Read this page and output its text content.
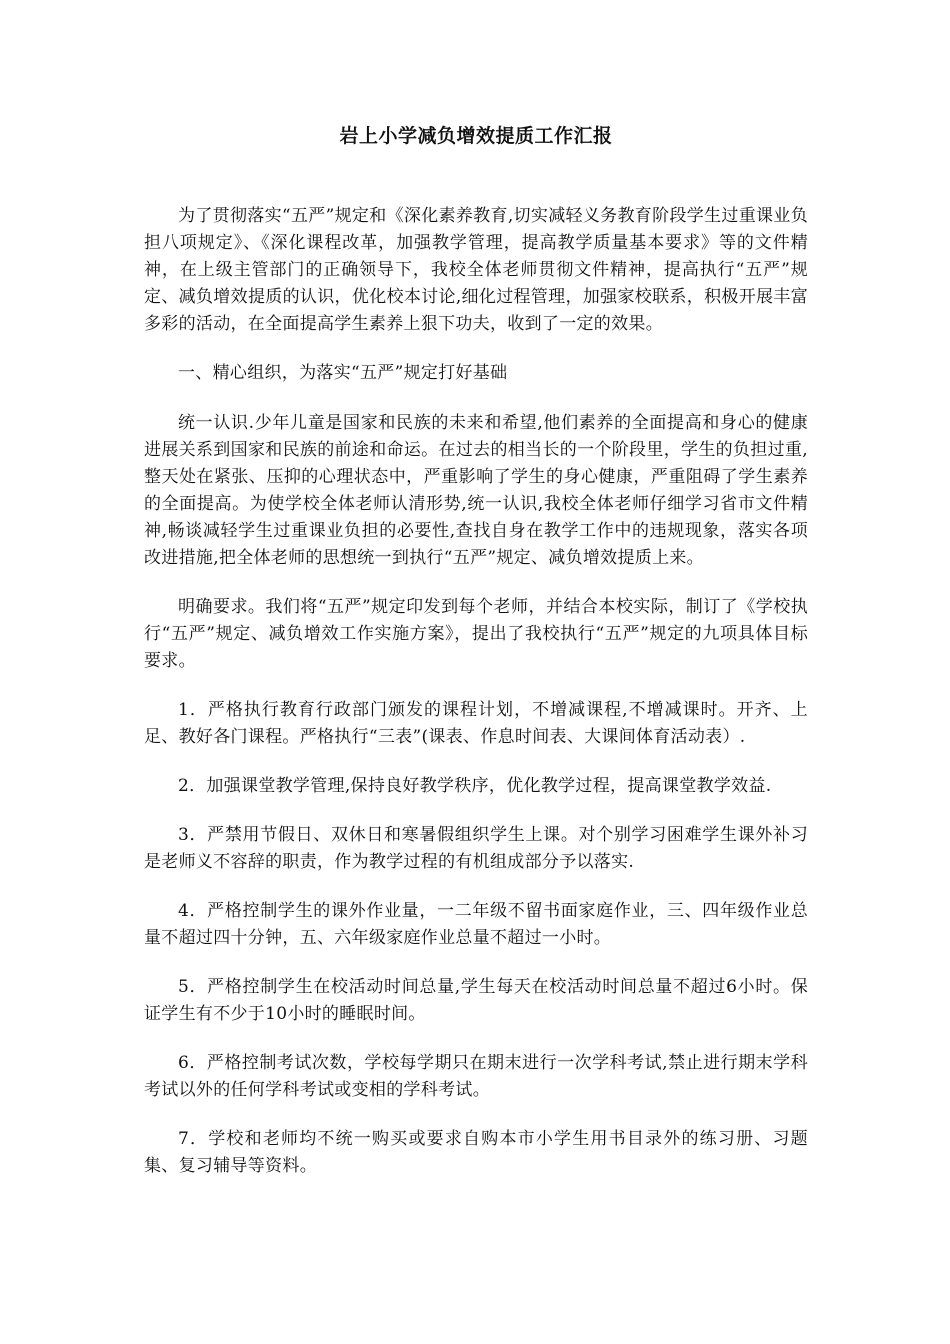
岩上小学减负增效提质工作汇报

为了贯彻落实“五严”规定和《深化素养教育,切实减轻义务教育阶段学生过重课业负担八项规定》、《深化课程改革，加强教学管理，提高教学质量基本要求》等的文件精神，在上级主管部门的正确领导下，我校全体老师贯彻文件精神，提高执行“五严”规定、减负增效提质的认识，优化校本讨论,细化过程管理，加强家校联系，积极开展丰富多彩的活动，在全面提高学生素养上狠下功夫，收到了一定的效果。

一、精心组织，为落实“五严”规定打好基础

统一认识.少年儿童是国家和民族的未来和希望,他们素养的全面提高和身心的健康进展关系到国家和民族的前途和命运。在过去的相当长的一个阶段里，学生的负担过重,整天处在紧张、压抑的心理状态中，严重影响了学生的身心健康，严重阻碍了学生素养的全面提高。为使学校全体老师认清形势,统一认识,我校全体老师仔细学习省市文件精神,畅谈减轻学生过重课业负担的必要性,查找自身在教学工作中的违规现象，落实各项改进措施,把全体老师的思想统一到执行“五严”规定、减负增效提质上来。

明确要求。我们将“五严”规定印发到每个老师，并结合本校实际，制订了《学校执行“五严”规定、减负增效工作实施方案》，提出了我校执行“五严”规定的九项具体目标要求。

1．严格执行教育行政部门颁发的课程计划，不增减课程,不增减课时。开齐、上足、教好各门课程。严格执行“三表”(课表、作息时间表、大课间体育活动表）.

2．加强课堂教学管理,保持良好教学秩序，优化教学过程，提高课堂教学效益.

3．严禁用节假日、双休日和寒暑假组织学生上课。对个别学习困难学生课外补习是老师义不容辞的职责，作为教学过程的有机组成部分予以落实.

4．严格控制学生的课外作业量，一二年级不留书面家庭作业，三、四年级作业总量不超过四十分钟，五、六年级家庭作业总量不超过一小时。

5．严格控制学生在校活动时间总量,学生每天在校活动时间总量不超过6小时。保证学生有不少于10小时的睡眠时间。

6．严格控制考试次数，学校每学期只在期末进行一次学科考试,禁止进行期末学科考试以外的任何学科考试或变相的学科考试。

7．学校和老师均不统一购买或要求自购本市小学生用书目录外的练习册、习题集、复习辅导等资料。
